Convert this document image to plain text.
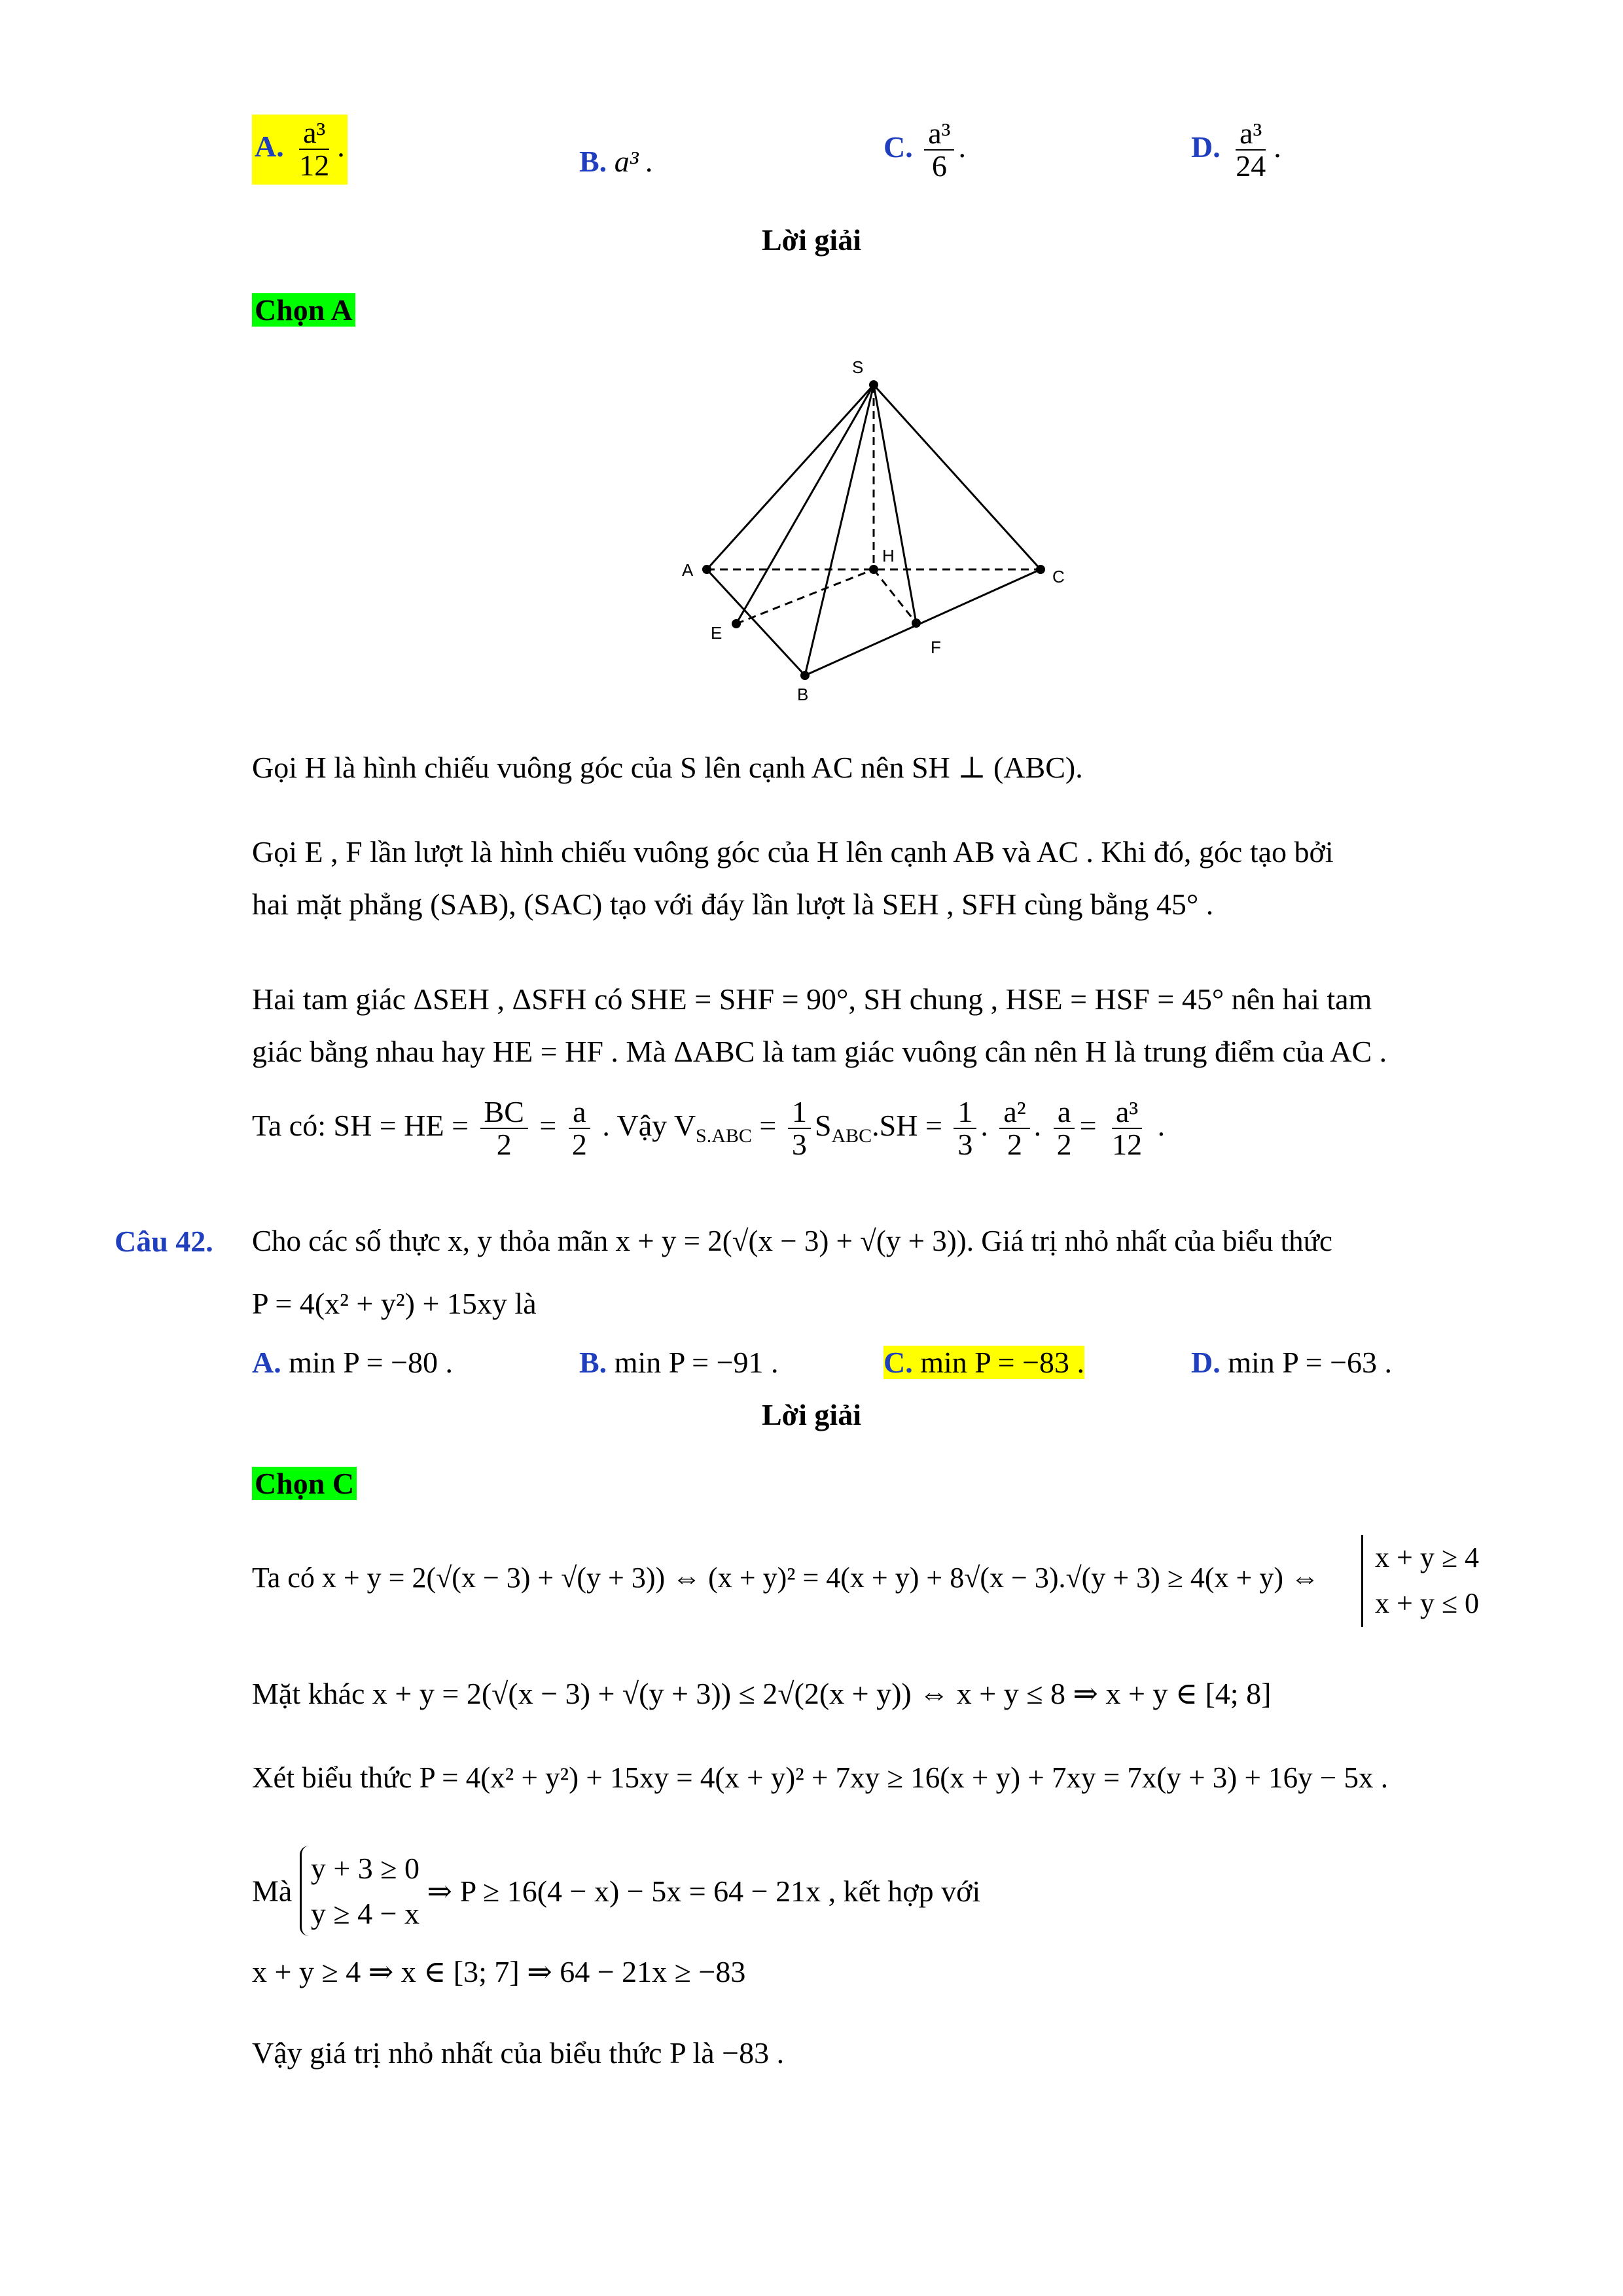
A. $\frac{\text{a³}}{12}$ .	B. a³ .	C. $\frac{\text{a³}}{6}$ .	D. $\frac{\text{a³}}{24}$ .
Lời giải
Chọn A
S
A	C
B
H
E
F
Gọi H là hình chiếu vuông góc của S lên cạnh AC nên SH ⊥ (ABC).
Gọi E , F lần lượt là hình chiếu vuông góc của H lên cạnh AB và AC . Khi đó, góc tạo bởi
hai mặt phẳng (SAB), (SAC) tạo với đáy lần lượt là SEH , SFH cùng bằng 45° .
Hai tam giác ΔSEH , ΔSFH có SHE = SHF = 90°, SH chung , HSE = HSF = 45° nên hai tam
giác bằng nhau hay HE = HF . Mà ΔABC là tam giác vuông cân nên H là trung điểm của AC .
Ta có: SH = HE = $\frac{BC}{2} = \frac{a}{2}$ . Vậy $V_{S.ABC} = \frac{1}{3} S_{ABC}.SH = \frac{1}{3}$ . $\frac{\text{a²}}{2}$ . $\frac{a}{2} = \frac{\text{a³}}{12}$ .
Câu 42. Cho các số thực x, y thỏa mãn x + y = 2(√(x − 3) + √(y + 3)). Giá trị nhỏ nhất của biểu thức
P = 4(x² + y²) + 15xy là
A. min P = −80 .	B. min P = −91 .	C. min P = −83 .	D. min P = −63 .
Lời giải
Chọn C
Ta có x + y = 2(√(x − 3) + √(y + 3)) ⇔ (x + y)² = 4(x + y) + 8√(x − 3).√(y + 3) ≥ 4(x + y) ⇔
x + y ≥ 4
x + y ≤ 0
Mặt khác x + y = 2(√(x − 3) + √(y + 3)) ≤ 2√(2(x + y)) ⇔ x + y ≤ 8 ⇒ x + y ∈ [4; 8]
Xét biểu thức P = 4(x² + y²) + 15xy = 4(x + y)² + 7xy ≥ 16(x + y) + 7xy = 7x(y + 3) + 16y − 5x .
Mà
y + 3 ≥ 0
y ≥ 4 − x
⇒ P ≥ 16(4 − x) − 5x = 64 − 21x , kết hợp với
x + y ≥ 4 ⇒ x ∈ [3; 7] ⇒ 64 − 21x ≥ −83
Vậy giá trị nhỏ nhất của biểu thức P là −83 .
